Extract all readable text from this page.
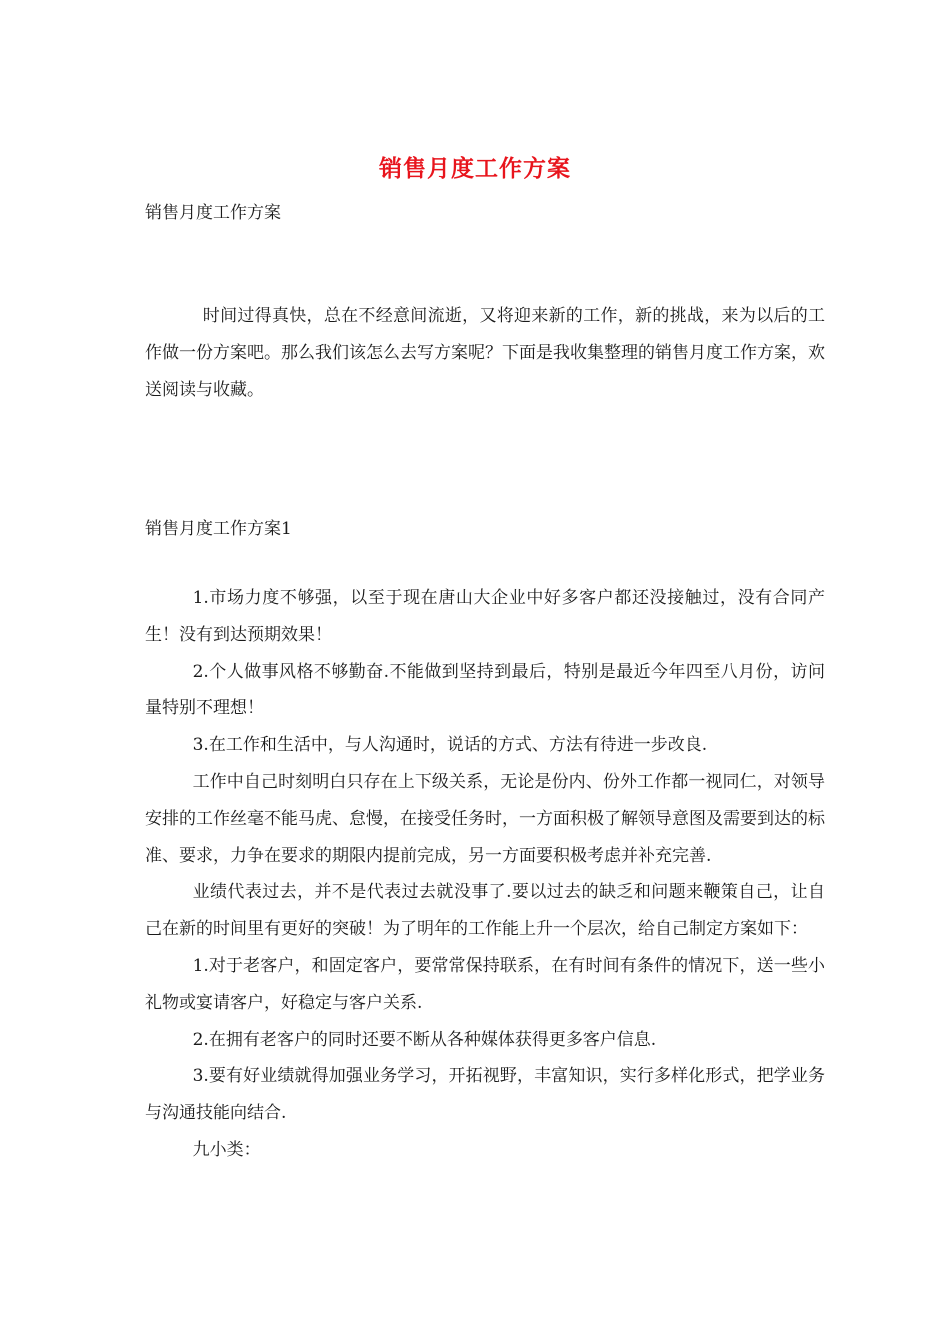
销售月度工作方案
销售月度工作方案

时间过得真快，总在不经意间流逝，又将迎来新的工作，新的挑战，来为以后的工作做一份方案吧。那么我们该怎么去写方案呢？下面是我收集整理的销售月度工作方案，欢送阅读与收藏。

销售月度工作方案1

1.市场力度不够强，以至于现在唐山大企业中好多客户都还没接触过，没有合同产生！没有到达预期效果！

2.个人做事风格不够勤奋.不能做到坚持到最后，特别是最近今年四至八月份，访问量特别不理想！

3.在工作和生活中，与人沟通时，说话的方式、方法有待进一步改良.

工作中自己时刻明白只存在上下级关系，无论是份内、份外工作都一视同仁，对领导安排的工作丝毫不能马虎、怠慢，在接受任务时，一方面积极了解领导意图及需要到达的标准、要求，力争在要求的期限内提前完成，另一方面要积极考虑并补充完善.

业绩代表过去，并不是代表过去就没事了.要以过去的缺乏和问题来鞭策自己，让自己在新的时间里有更好的突破！为了明年的工作能上升一个层次，给自己制定方案如下：

1.对于老客户，和固定客户，要常常保持联系，在有时间有条件的情况下，送一些小礼物或宴请客户，好稳定与客户关系.

2.在拥有老客户的同时还要不断从各种媒体获得更多客户信息.

3.要有好业绩就得加强业务学习，开拓视野，丰富知识，实行多样化形式，把学业务与沟通技能向结合.

九小类：
